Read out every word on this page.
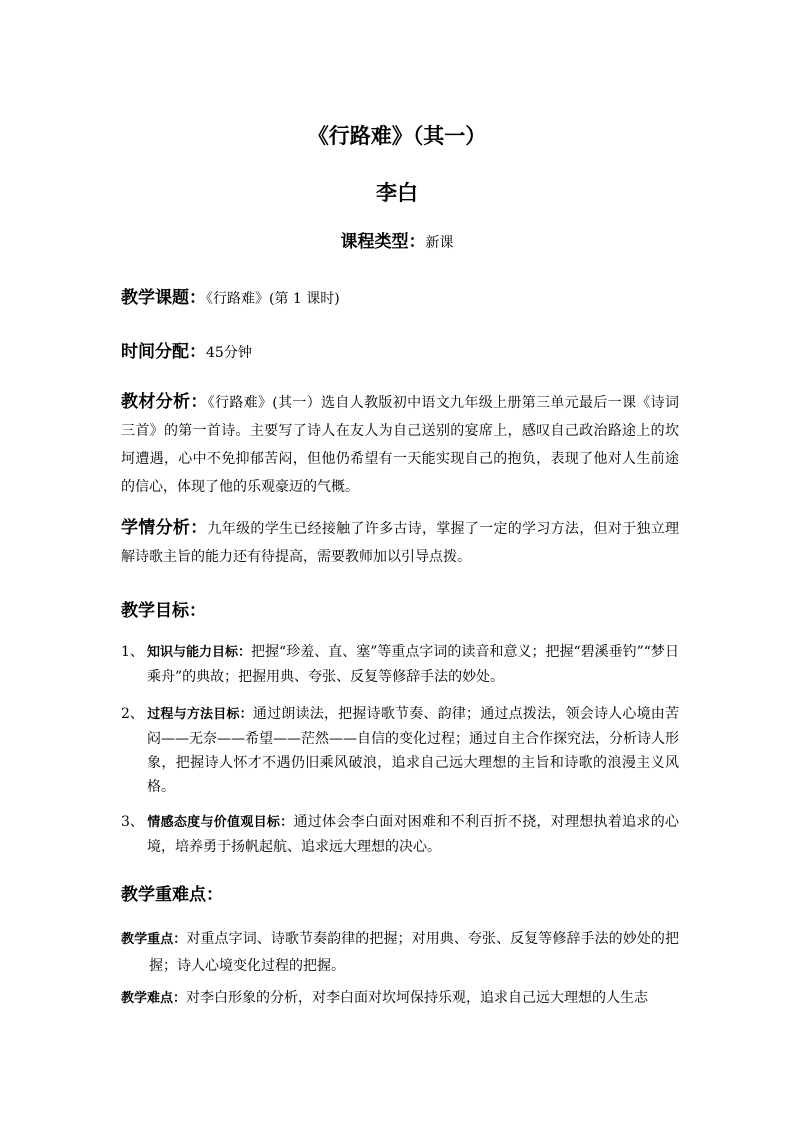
《行路难》（其一）
李白
课程类型：新课
教学课题：《行路难》(第 1 课时)
时间分配：45分钟

教材分析：《行路难》(其一）选自人教版初中语文九年级上册第三单元最后一课《诗词三首》的第一首诗。主要写了诗人在友人为自己送别的宴席上，感叹自己政治路途上的坎坷遭遇，心中不免抑郁苦闷，但他仍希望有一天能实现自己的抱负，表现了他对人生前途的信心，体现了他的乐观豪迈的气概。

学情分析：九年级的学生已经接触了许多古诗，掌握了一定的学习方法，但对于独立理解诗歌主旨的能力还有待提高，需要教师加以引导点拨。

教学目标：

1、 知识与能力目标：把握“珍羞、直、塞”等重点字词的读音和意义；把握“碧溪垂钓”“梦日乘舟”的典故；把握用典、夸张、反复等修辞手法的妙处。

2、 过程与方法目标：通过朗读法，把握诗歌节奏、韵律；通过点拨法，领会诗人心境由苦闷——无奈——希望——茫然——自信的变化过程；通过自主合作探究法，分析诗人形象，把握诗人怀才不遇仍旧乘风破浪，追求自己远大理想的主旨和诗歌的浪漫主义风格。

3、 情感态度与价值观目标：通过体会李白面对困难和不利百折不挠，对理想执着追求的心境，培养勇于扬帆起航、追求远大理想的决心。

教学重难点：

教学重点：对重点字词、诗歌节奏韵律的把握；对用典、夸张、反复等修辞手法的妙处的把握；诗人心境变化过程的把握。

教学难点：对李白形象的分析，对李白面对坎坷保持乐观，追求自己远大理想的人生志
